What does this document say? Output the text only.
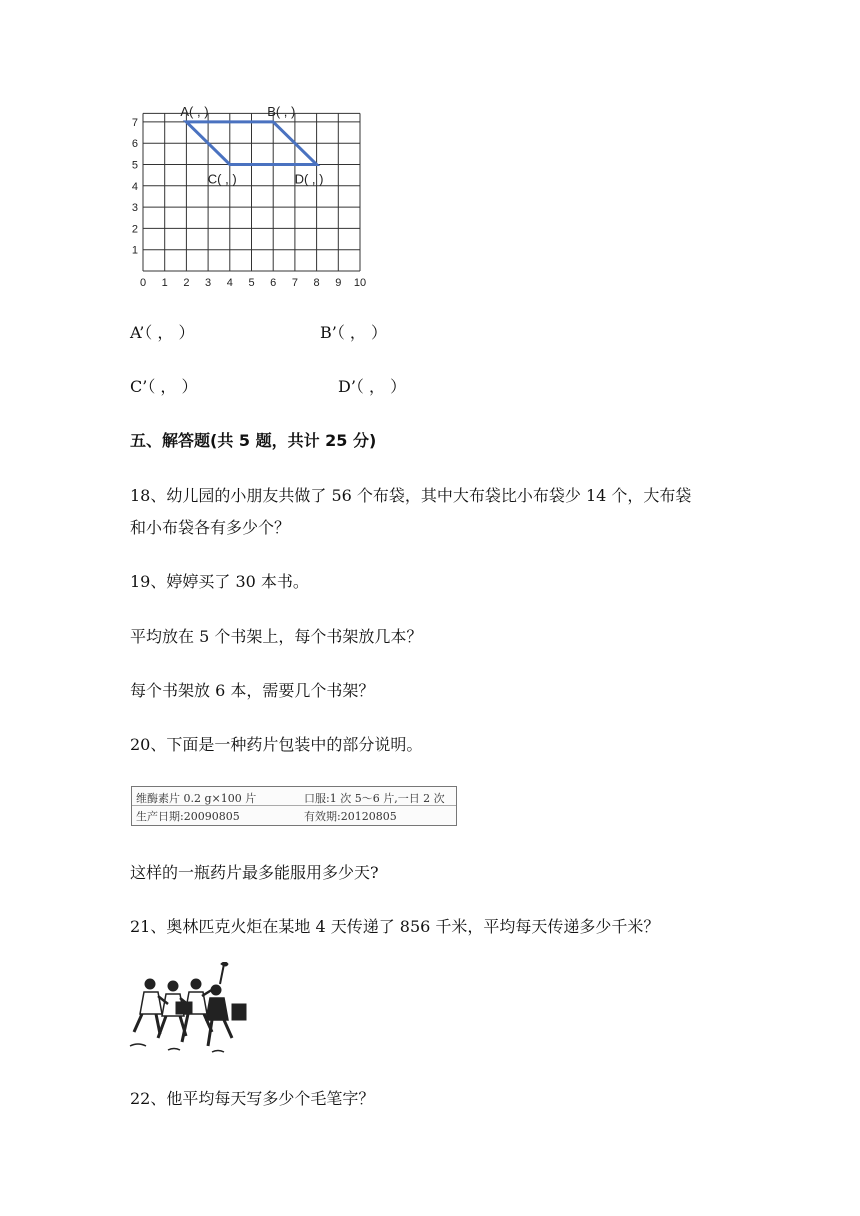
1
2
3
4
5
6
7
0 1 2 3 4 5 6 7 8 9 10
A( , )	B( , )
D( , )
C( , )
A’（ ， ）	B’（ ， ）
C’（ ， ）	D’（ ， ）
五、解答题(共 5 题，共计 25 分)
18、幼儿园的小朋友共做了 56 个布袋，其中大布袋比小布袋少 14 个，大布袋
和小布袋各有多少个？
19、婷婷买了 30 本书。
平均放在 5 个书架上，每个书架放几本？
每个书架放 6 本，需要几个书架？
20、下面是一种药片包装中的部分说明。
维酶素片 0.2 g×100 片	口服:1 次 5～6 片,一日 2 次
生产日期:20090805	有效期:20120805
这样的一瓶药片最多能服用多少天?
21、奥林匹克火炬在某地 4 天传递了 856 千米，平均每天传递多少千米？
22、他平均每天写多少个毛笔字？
